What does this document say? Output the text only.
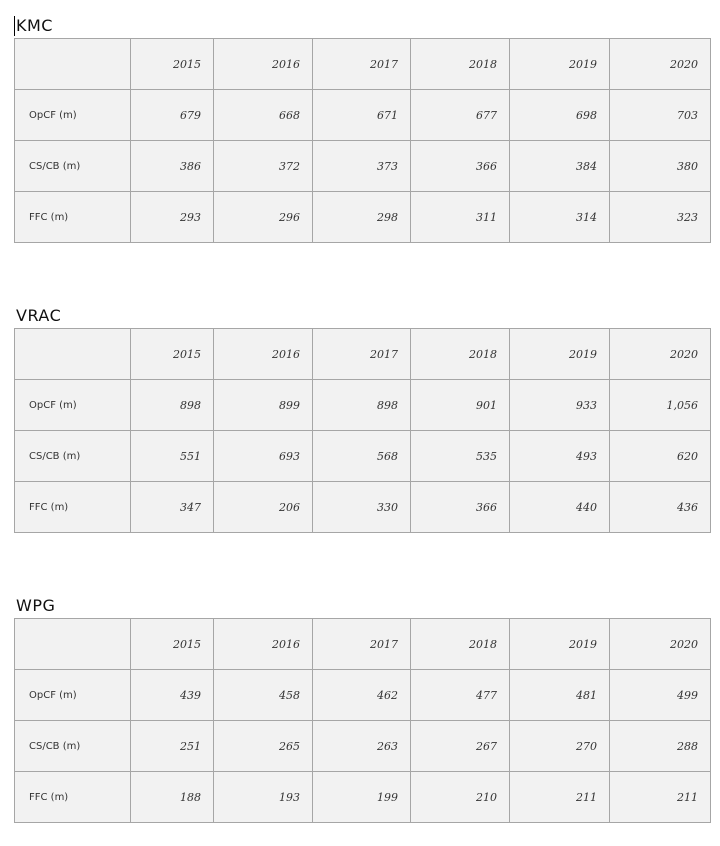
KMC
	2015	2016	2017	2018	2019	2020
OpCF (m)	679	668	671	677	698	703
CS/CB (m)	386	372	373	366	384	380
FFC (m)	293	296	298	311	314	323
VRAC
	2015	2016	2017	2018	2019	2020
OpCF (m)	898	899	898	901	933	1,056
CS/CB (m)	551	693	568	535	493	620
FFC (m)	347	206	330	366	440	436
WPG
	2015	2016	2017	2018	2019	2020
OpCF (m)	439	458	462	477	481	499
CS/CB (m)	251	265	263	267	270	288
FFC (m)	188	193	199	210	211	211
